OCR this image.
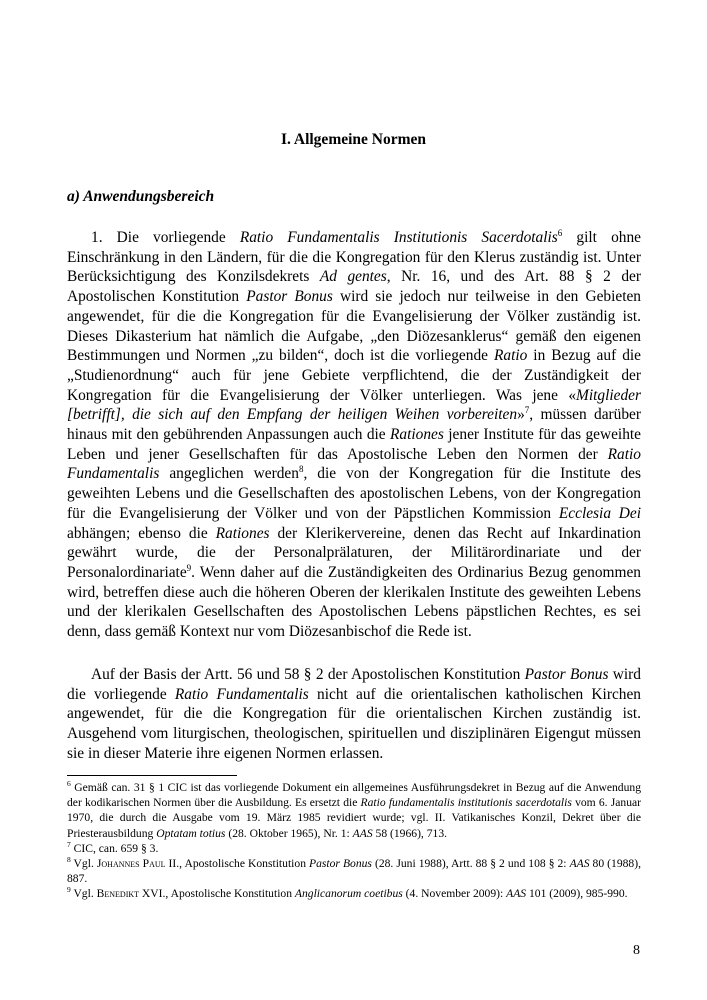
I. Allgemeine Normen
a) Anwendungsbereich

1. Die vorliegende Ratio Fundamentalis Institutionis Sacerdotalis$^6$ gilt ohne Einschränkung in den Ländern, für die die Kongregation für den Klerus zuständig ist. Unter Berücksichtigung des Konzilsdekrets Ad gentes, Nr. 16, und des Art. 88 § 2 der Apostolischen Konstitution Pastor Bonus wird sie jedoch nur teilweise in den Gebieten angewendet, für die die Kongregation für die Evangelisierung der Völker zuständig ist. Dieses Dikasterium hat nämlich die Aufgabe, „den Diözesanklerus“ gemäß den eigenen Bestimmungen und Normen „zu bilden“, doch ist die vorliegende Ratio in Bezug auf die „Studienordnung“ auch für jene Gebiete verpflichtend, die der Zuständigkeit der Kongregation für die Evangelisierung der Völker unterliegen. Was jene «Mitglieder [betrifft], die sich auf den Empfang der heiligen Weihen vorbereiten»$^7$, müssen darüber hinaus mit den gebührenden Anpassungen auch die Rationes jener Institute für das geweihte Leben und jener Gesellschaften für das Apostolische Leben den Normen der Ratio Fundamentalis angeglichen werden$^8$, die von der Kongregation für die Institute des geweihten Lebens und die Gesellschaften des apostolischen Lebens, von der Kongregation für die Evangelisierung der Völker und von der Päpstlichen Kommission Ecclesia Dei abhängen; ebenso die Rationes der Klerikervereine, denen das Recht auf Inkardination gewährt wurde, die der Personalprälaturen, der Militärordinariate und der Personalordinariate$^9$. Wenn daher auf die Zuständigkeiten des Ordinarius Bezug genommen wird, betreffen diese auch die höheren Oberen der klerikalen Institute des geweihten Lebens und der klerikalen Gesellschaften des Apostolischen Lebens päpstlichen Rechtes, es sei denn, dass gemäß Kontext nur vom Diözesanbischof die Rede ist.

Auf der Basis der Artt. 56 und 58 § 2 der Apostolischen Konstitution Pastor Bonus wird die vorliegende Ratio Fundamentalis nicht auf die orientalischen katholischen Kirchen angewendet, für die die Kongregation für die orientalischen Kirchen zuständig ist. Ausgehend vom liturgischen, theologischen, spirituellen und disziplinären Eigengut müssen sie in dieser Materie ihre eigenen Normen erlassen.

$^6$ Gemäß can. 31 § 1 CIC ist das vorliegende Dokument ein allgemeines Ausführungsdekret in Bezug auf die Anwendung der kodikarischen Normen über die Ausbildung. Es ersetzt die Ratio fundamentalis institutionis sacerdotalis vom 6. Januar 1970, die durch die Ausgabe vom 19. März 1985 revidiert wurde; vgl. II. Vatikanisches Konzil, Dekret über die Priesterausbildung Optatam totius (28. Oktober 1965), Nr. 1: AAS 58 (1966), 713.

$^7$ CIC, can. 659 § 3.

$^8$ Vgl. Johannes Paul II., Apostolische Konstitution Pastor Bonus (28. Juni 1988), Artt. 88 § 2 und 108 § 2: AAS 80 (1988), 887.

$^9$ Vgl. Benedikt XVI., Apostolische Konstitution Anglicanorum coetibus (4. November 2009): AAS 101 (2009), 985-990.

8
